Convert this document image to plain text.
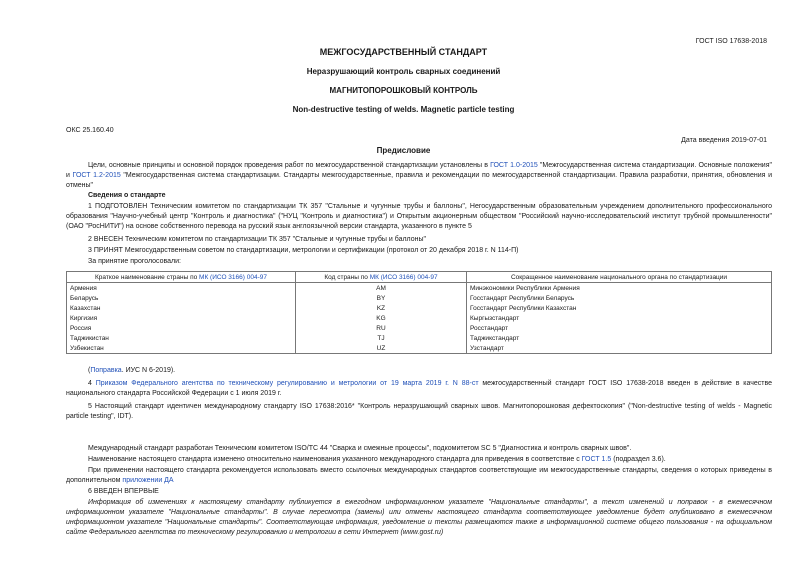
ГОСТ ISO 17638-2018
МЕЖГОСУДАРСТВЕННЫЙ СТАНДАРТ
Неразрушающий контроль сварных соединений
МАГНИТОПОРОШКОВЫЙ КОНТРОЛЬ
Non-destructive testing of welds. Magnetic particle testing
ОКС 25.160.40
Дата введения 2019-07-01
Предисловие
Цели, основные принципы и основной порядок проведения работ по межгосударственной стандартизации установлены в ГОСТ 1.0-2015 "Межгосударственная система стандартизации. Основные положения" и ГОСТ 1.2-2015 "Межгосударственная система стандартизации. Стандарты межгосударственные, правила и рекомендации по межгосударственной стандартизации. Правила разработки, принятия, обновления и отмены"
Сведения о стандарте
1 ПОДГОТОВЛЕН Техническим комитетом по стандартизации ТК 357 "Стальные и чугунные трубы и баллоны", Негосударственным образовательным учреждением дополнительного профессионального образования "Научно-учебный центр "Контроль и диагностика" ("НУЦ "Контроль и диагностика") и Открытым акционерным обществом "Российский научно-исследовательский институт трубной промышленности" (ОАО "РосНИТИ") на основе собственного перевода на русский язык англоязычной версии стандарта, указанного в пункте 5
2 ВНЕСЕН Техническим комитетом по стандартизации ТК 357 "Стальные и чугунные трубы и баллоны"
3 ПРИНЯТ Межгосударственным советом по стандартизации, метрологии и сертификации (протокол от 20 декабря 2018 г. N 114-П)
За принятие проголосовали:
Краткое наименование страны по МК (ИСО 3166) 004-97	Код страны по МК (ИСО 3166) 004-97	Сокращенное наименование национального органа по стандартизации
Армения	AM	Минэкономики Республики Армения
Беларусь	BY	Госстандарт Республики Беларусь
Казахстан	KZ	Госстандарт Республики Казахстан
Киргизия	KG	Кыргызстандарт
Россия	RU	Росстандарт
Таджикистан	TJ	Таджикстандарт
Узбекистан	UZ	Узстандарт
(Поправка. ИУС N 6-2019).
4 Приказом Федерального агентства по техническому регулированию и метрологии от 19 марта 2019 г. N 88-ст межгосударственный стандарт ГОСТ ISO 17638-2018 введен в действие в качестве национального стандарта Российской Федерации с 1 июля 2019 г.
5 Настоящий стандарт идентичен международному стандарту ISO 17638:2016* "Контроль неразрушающий сварных швов. Магнитопорошковая дефектоскопия" ("Non-destructive testing of welds - Magnetic particle testing", IDT).
Международный стандарт разработан Техническим комитетом ISO/TC 44 "Сварка и смежные процессы", подкомитетом SC 5 "Диагностика и контроль сварных швов".
Наименование настоящего стандарта изменено относительно наименования указанного международного стандарта для приведения в соответствие с ГОСТ 1.5 (подраздел 3.6).
При применении настоящего стандарта рекомендуется использовать вместо ссылочных международных стандартов соответствующие им межгосударственные стандарты, сведения о которых приведены в дополнительном приложении ДА
6 ВВЕДЕН ВПЕРВЫЕ
Информация об изменениях к настоящему стандарту публикуется в ежегодном информационном указателе "Национальные стандарты", а текст изменений и поправок - в ежемесячном информационном указателе "Национальные стандарты". В случае пересмотра (замены) или отмены настоящего стандарта соответствующее уведомление будет опубликовано в ежемесячном информационном указателе "Национальные стандарты". Соответствующая информация, уведомление и тексты размещаются также в информационной системе общего пользования - на официальном сайте Федерального агентства по техническому регулированию и метрологии в сети Интернет (www.gost.ru)
